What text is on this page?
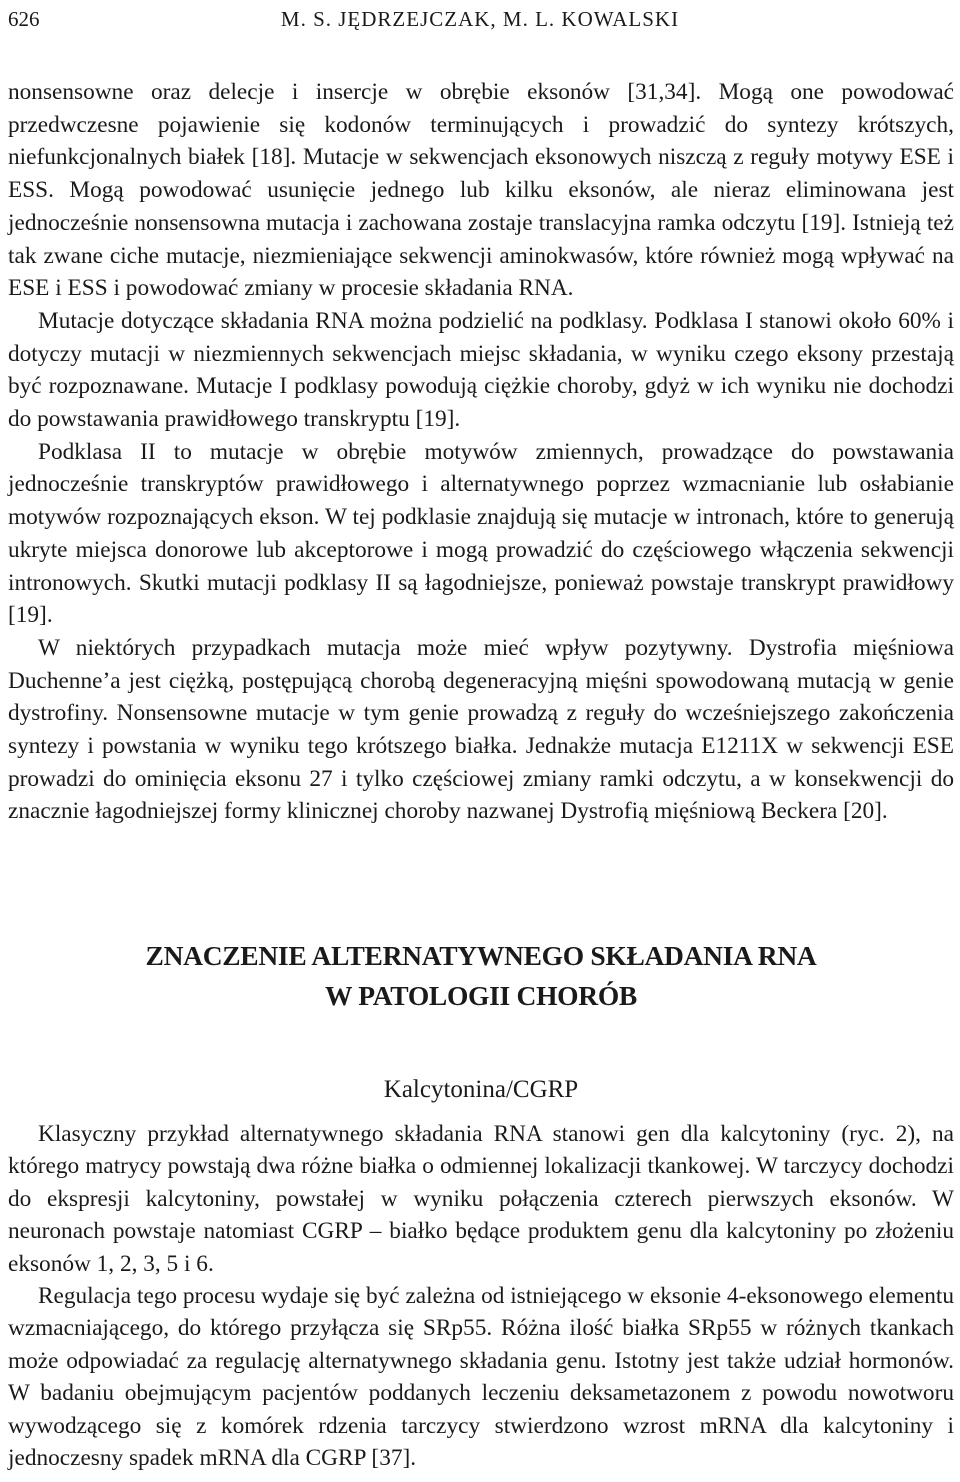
626	M. S. JĘDRZEJCZAK, M. L. KOWALSKI

nonsensowne oraz delecje i insercje w obrębie eksonów [31,34]. Mogą one powodować przedwczesne pojawienie się kodonów terminujących i prowadzić do syntezy krótszych, niefunkcjonalnych białek [18]. Mutacje w sekwencjach eksonowych niszczą z reguły motywy ESE i ESS. Mogą powodować usunięcie jednego lub kilku eksonów, ale nieraz eliminowana jest jednocześnie nonsensowna mutacja i zachowana zostaje translacyjna ramka odczytu [19]. Istnieją też tak zwane ciche mutacje, niezmieniające sekwencji aminokwasów, które również mogą wpływać na ESE i ESS i powodować zmiany w procesie składania RNA.

Mutacje dotyczące składania RNA można podzielić na podklasy. Podklasa I stanowi około 60% i dotyczy mutacji w niezmiennych sekwencjach miejsc składania, w wyniku czego eksony przestają być rozpoznawane. Mutacje I podklasy powodują ciężkie choroby, gdyż w ich wyniku nie dochodzi do powstawania prawidłowego transkryptu [19].

Podklasa II to mutacje w obrębie motywów zmiennych, prowadzące do powstawania jednocześnie transkryptów prawidłowego i alternatywnego poprzez wzmacnianie lub osłabianie motywów rozpoznających ekson. W tej podklasie znajdują się mutacje w intronach, które to generują ukryte miejsca donorowe lub akceptorowe i mogą prowadzić do częściowego włączenia sekwencji intronowych. Skutki mutacji podklasy II są łagodniejsze, ponieważ powstaje transkrypt prawidłowy [19].

W niektórych przypadkach mutacja może mieć wpływ pozytywny. Dystrofia mięśniowa Duchenne’a jest ciężką, postępującą chorobą degeneracyjną mięśni spowodowaną mutacją w genie dystrofiny. Nonsensowne mutacje w tym genie prowadzą z reguły do wcześniejszego zakończenia syntezy i powstania w wyniku tego krótszego białka. Jednakże mutacja E1211X w sekwencji ESE prowadzi do ominięcia eksonu 27 i tylko częściowej zmiany ramki odczytu, a w konsekwencji do znacznie łagodniejszej formy klinicznej choroby nazwanej Dystrofią mięśniową Beckera [20].

ZNACZENIE ALTERNATYWNEGO SKŁADANIA RNA
W PATOLOGII CHORÓB
Kalcytonina/CGRP

Klasyczny przykład alternatywnego składania RNA stanowi gen dla kalcytoniny (ryc. 2), na którego matrycy powstają dwa różne białka o odmiennej lokalizacji tkankowej. W tarczycy dochodzi do ekspresji kalcytoniny, powstałej w wyniku połączenia czterech pierwszych eksonów. W neuronach powstaje natomiast CGRP – białko będące produktem genu dla kalcytoniny po złożeniu eksonów 1, 2, 3, 5 i 6.

Regulacja tego procesu wydaje się być zależna od istniejącego w eksonie 4-eksonowego elementu wzmacniającego, do którego przyłącza się SRp55. Różna ilość białka SRp55 w różnych tkankach może odpowiadać za regulację alternatywnego składania genu. Istotny jest także udział hormonów. W badaniu obejmującym pacjentów poddanych leczeniu deksametazonem z powodu nowotworu wywodzącego się z komórek rdzenia tarczycy stwierdzono wzrost mRNA dla kalcytoniny i jednoczesny spadek mRNA dla CGRP [37].
